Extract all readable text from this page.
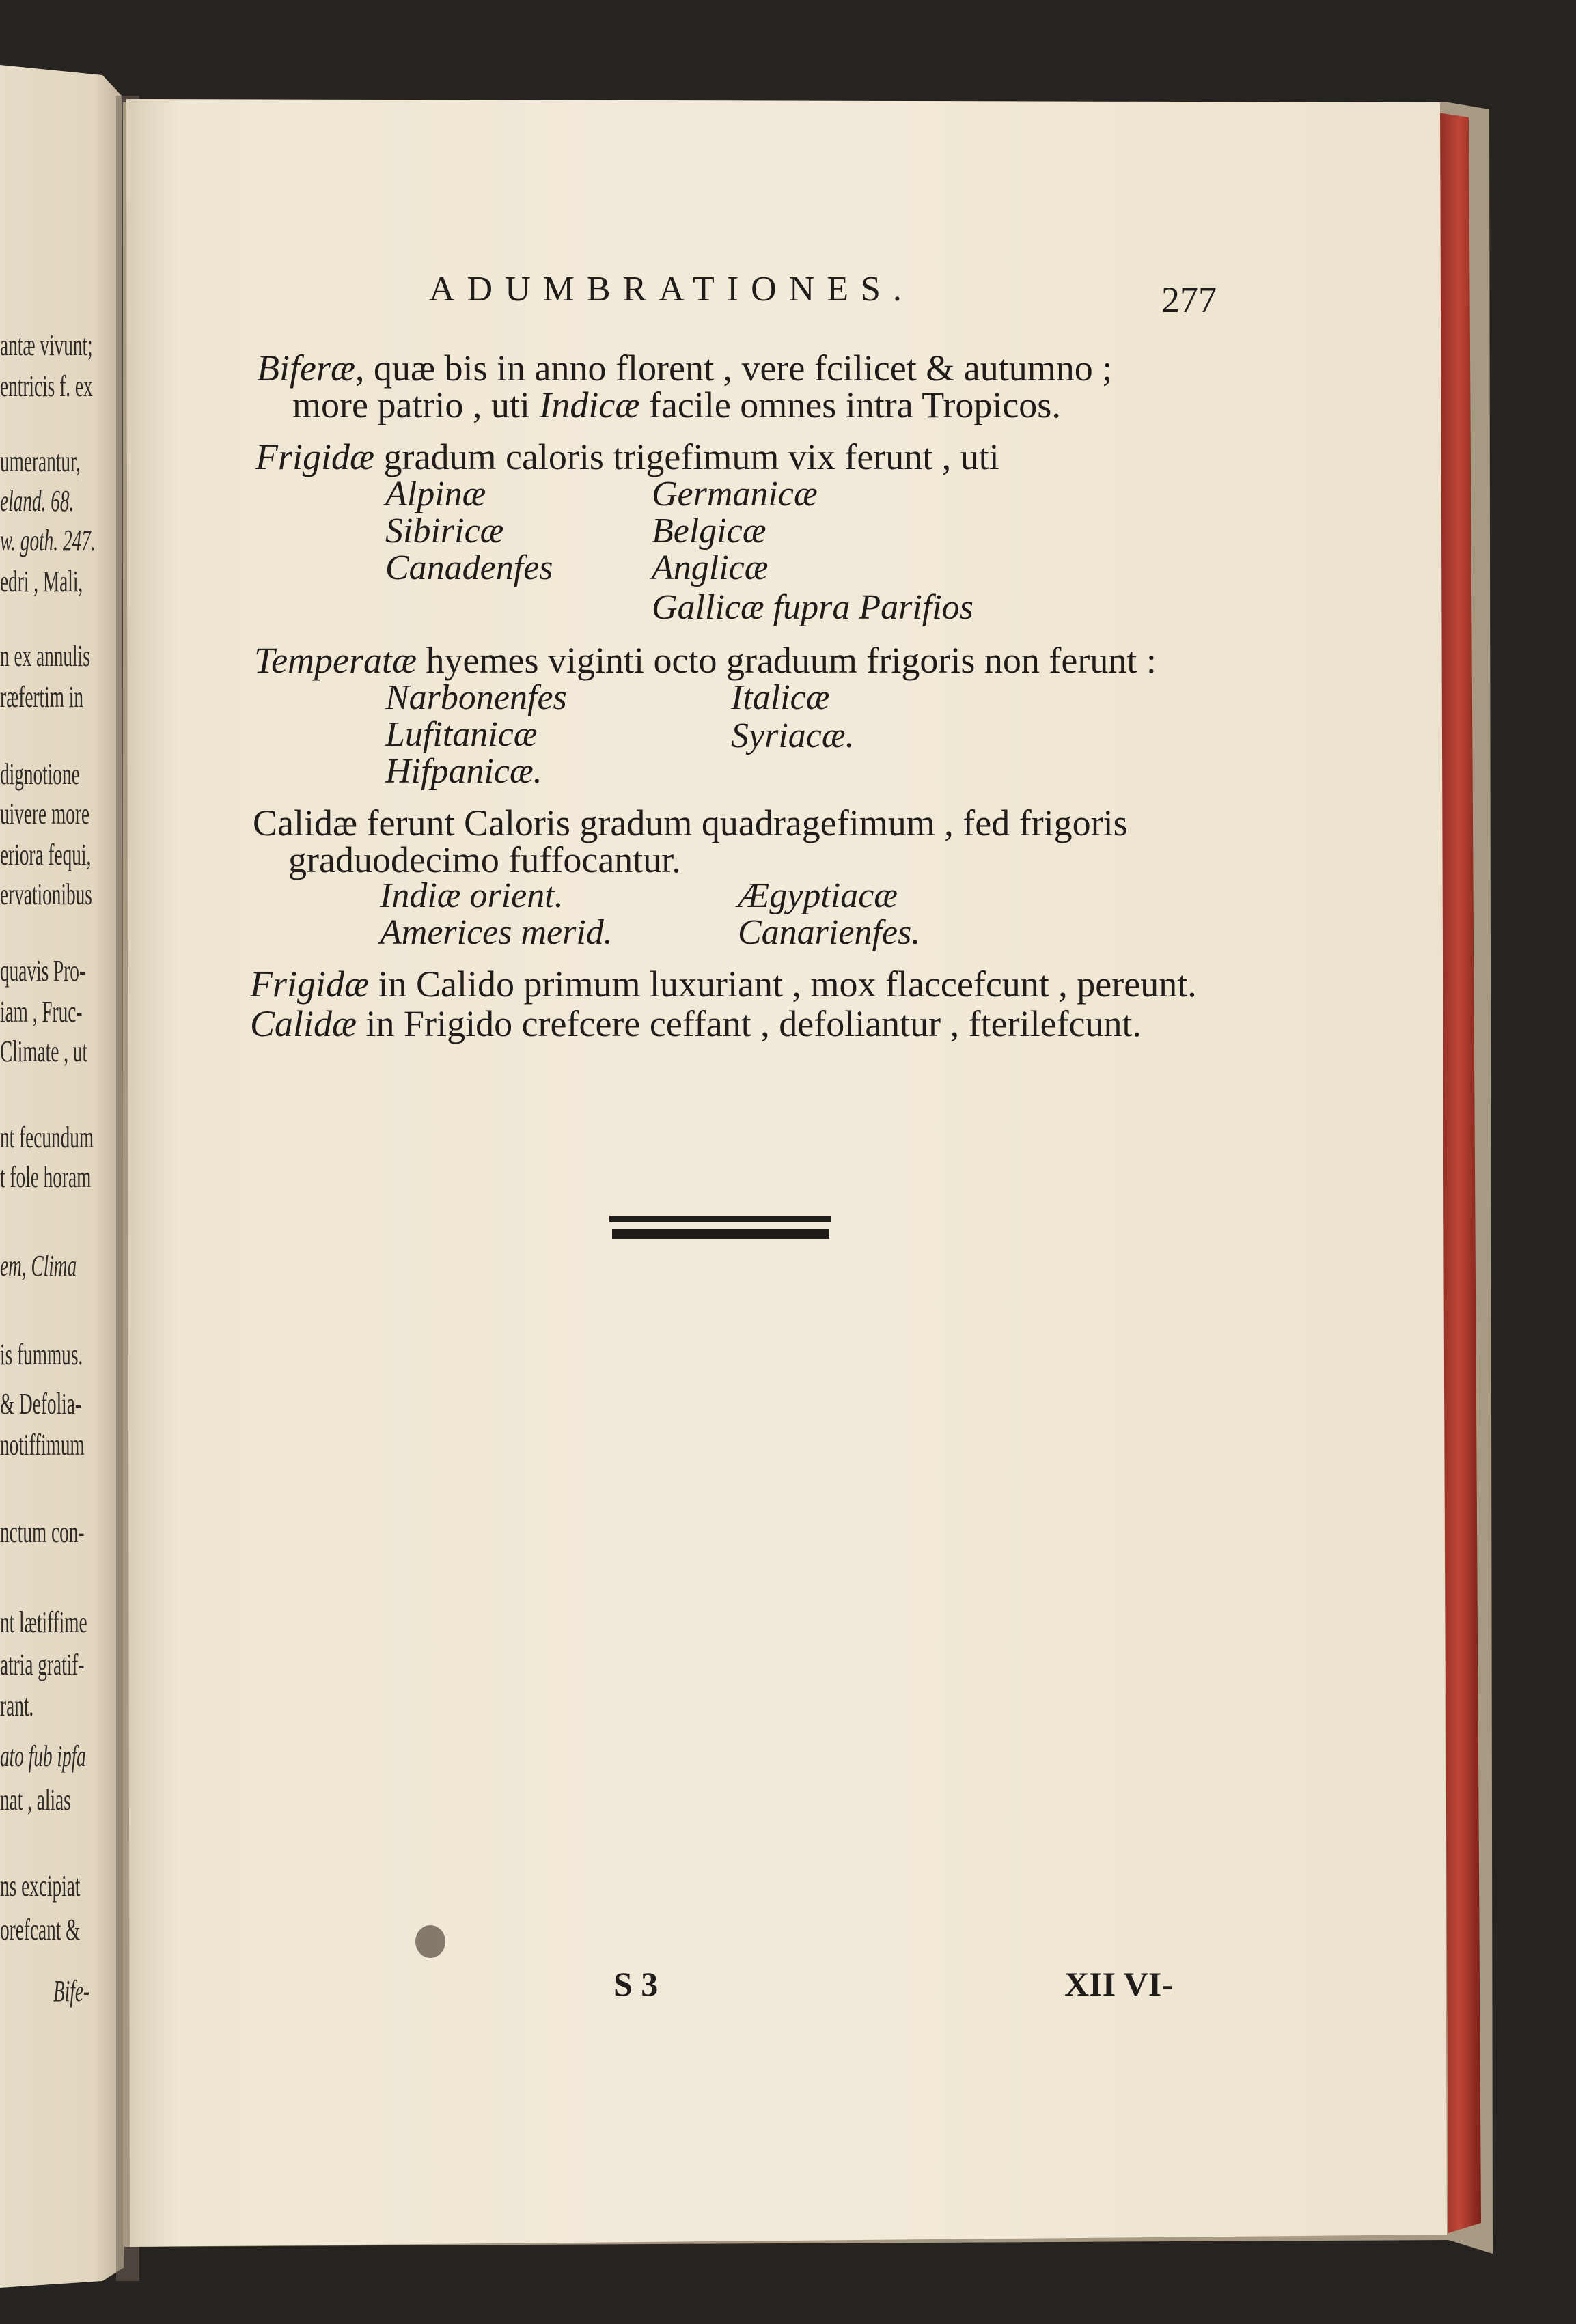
antæ vivunt;
entricis f. ex
umerantur,
eland. 68.
w. goth. 247.
edri , Mali,
n ex annulis
ræfertim in
dignotione
uivere more
eriora fequi,
ervationibus
quavis Pro-
iam , Fruc-
Climate , ut
nt fecundum
t fole horam
em, Clima
is fummus.
& Defolia-
notiffimum
nctum con-
nt lætiffime
atria gratif-
rant.
ato fub ipfa
nat , alias
ns excipiat
orefcant &
Bife-
ADUMBRATIONES.	277
Biferæ, quæ bis in anno florent , vere fcilicet & autumno ;
more patrio , uti Indicæ facile omnes intra Tropicos.
Frigidæ gradum caloris trigefimum vix ferunt , uti
Alpinæ
Sibiricæ
Canadenfes
Germanicæ
Belgicæ
Anglicæ
Gallicæ fupra Parifios
Temperatæ hyemes viginti octo graduum frigoris non ferunt :
Narbonenfes
Lufitanicæ
Hifpanicæ.
Italicæ
Syriacæ.
Calidæ ferunt Caloris gradum quadragefimum , fed frigoris
graduodecimo fuffocantur.
Indiæ orient.
Americes merid.
Ægyptiacæ
Canarienfes.
Frigidæ in Calido primum luxuriant , mox flaccefcunt , pereunt.
Calidæ in Frigido crefcere ceffant , defoliantur , fterilefcunt.
S 3	XII VI-
